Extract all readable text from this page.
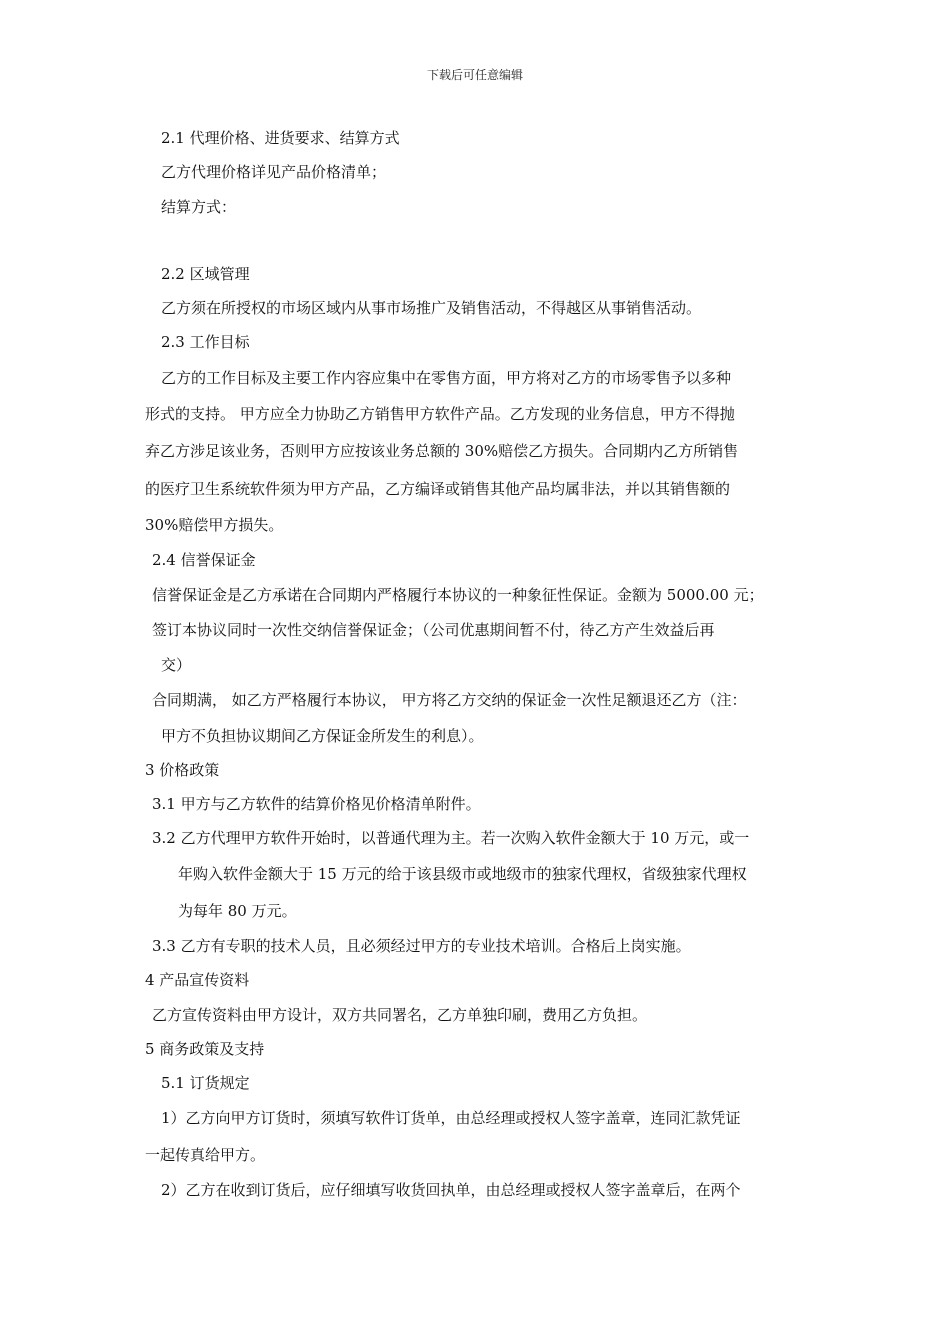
下载后可任意编辑
2.1 代理价格、进货要求、结算方式
乙方代理价格详见产品价格清单；
结算方式：
2.2 区域管理
乙方须在所授权的市场区域内从事市场推广及销售活动，不得越区从事销售活动。
2.3 工作目标
乙方的工作目标及主要工作内容应集中在零售方面，甲方将对乙方的市场零售予以多种
形式的支持。 甲方应全力协助乙方销售甲方软件产品。乙方发现的业务信息，甲方不得抛
弃乙方涉足该业务，否则甲方应按该业务总额的 30%赔偿乙方损失。合同期内乙方所销售
的医疗卫生系统软件须为甲方产品，乙方编译或销售其他产品均属非法，并以其销售额的
30%赔偿甲方损失。
2.4 信誉保证金
信誉保证金是乙方承诺在合同期内严格履行本协议的一种象征性保证。金额为 5000.00 元；
签订本协议同时一次性交纳信誉保证金；（公司优惠期间暂不付，待乙方产生效益后再
交）
合同期满， 如乙方严格履行本协议， 甲方将乙方交纳的保证金一次性足额退还乙方（注：
甲方不负担协议期间乙方保证金所发生的利息）。
3 价格政策
3.1 甲方与乙方软件的结算价格见价格清单附件。
3.2 乙方代理甲方软件开始时，以普通代理为主。若一次购入软件金额大于 10 万元，或一
年购入软件金额大于 15 万元的给于该县级市或地级市的独家代理权，省级独家代理权
为每年 80 万元。
3.3 乙方有专职的技术人员，且必须经过甲方的专业技术培训。合格后上岗实施。
4 产品宣传资料
乙方宣传资料由甲方设计，双方共同署名，乙方单独印刷，费用乙方负担。
5 商务政策及支持
5.1 订货规定
1）乙方向甲方订货时，须填写软件订货单，由总经理或授权人签字盖章，连同汇款凭证
一起传真给甲方。
2）乙方在收到订货后，应仔细填写收货回执单，由总经理或授权人签字盖章后，在两个
